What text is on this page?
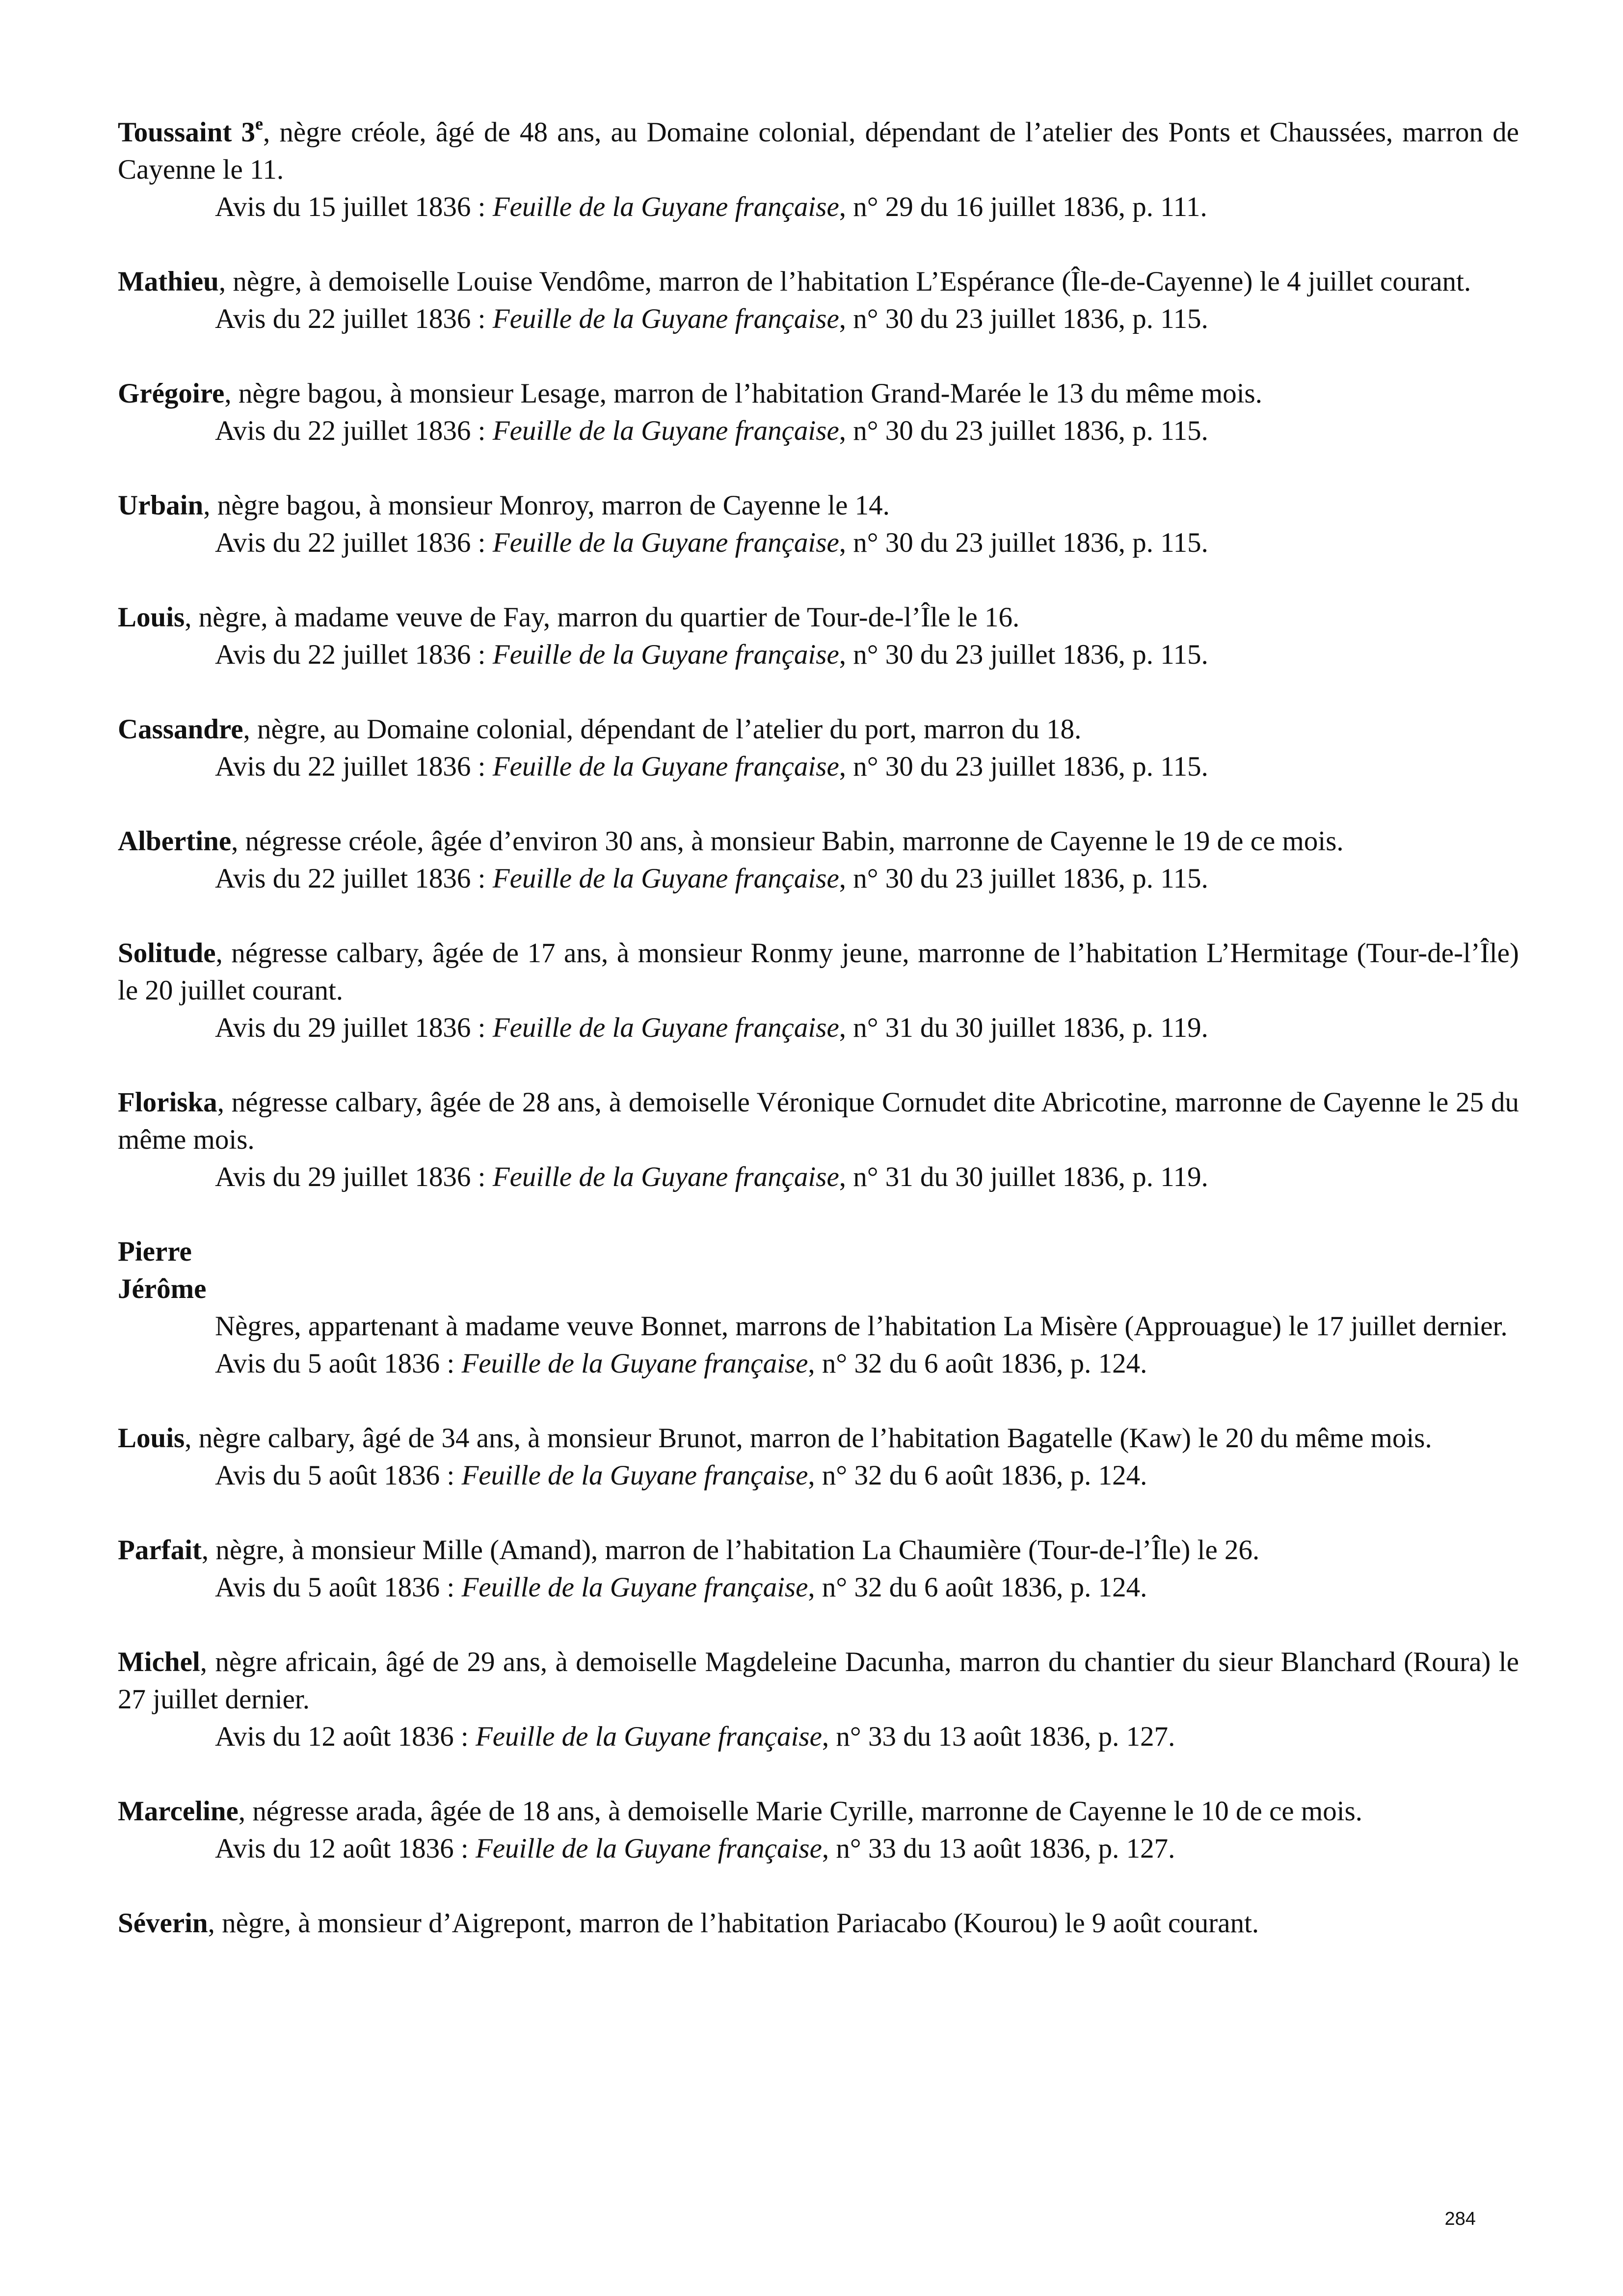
Toussaint 3e, nègre créole, âgé de 48 ans, au Domaine colonial, dépendant de l’atelier des Ponts et Chaussées, marron de Cayenne le 11.

Avis du 15 juillet 1836 : Feuille de la Guyane française, n° 29 du 16 juillet 1836, p. 111.

Mathieu, nègre, à demoiselle Louise Vendôme, marron de l’habitation L’Espérance (Île-de-Cayenne) le 4 juillet courant.

Avis du 22 juillet 1836 : Feuille de la Guyane française, n° 30 du 23 juillet 1836, p. 115.

Grégoire, nègre bagou, à monsieur Lesage, marron de l’habitation Grand-Marée le 13 du même mois.

Avis du 22 juillet 1836 : Feuille de la Guyane française, n° 30 du 23 juillet 1836, p. 115.

Urbain, nègre bagou, à monsieur Monroy, marron de Cayenne le 14.

Avis du 22 juillet 1836 : Feuille de la Guyane française, n° 30 du 23 juillet 1836, p. 115.

Louis, nègre, à madame veuve de Fay, marron du quartier de Tour-de-l’Île le 16.

Avis du 22 juillet 1836 : Feuille de la Guyane française, n° 30 du 23 juillet 1836, p. 115.

Cassandre, nègre, au Domaine colonial, dépendant de l’atelier du port, marron du 18.

Avis du 22 juillet 1836 : Feuille de la Guyane française, n° 30 du 23 juillet 1836, p. 115.

Albertine, négresse créole, âgée d’environ 30 ans, à monsieur Babin, marronne de Cayenne le 19 de ce mois.

Avis du 22 juillet 1836 : Feuille de la Guyane française, n° 30 du 23 juillet 1836, p. 115.

Solitude, négresse calbary, âgée de 17 ans, à monsieur Ronmy jeune, marronne de l’habitation L’Hermitage (Tour-de-l’Île) le 20 juillet courant.

Avis du 29 juillet 1836 : Feuille de la Guyane française, n° 31 du 30 juillet 1836, p. 119.

Floriska, négresse calbary, âgée de 28 ans, à demoiselle Véronique Cornudet dite Abricotine, marronne de Cayenne le 25 du même mois.

Avis du 29 juillet 1836 : Feuille de la Guyane française, n° 31 du 30 juillet 1836, p. 119.

Pierre

Jérôme

Nègres, appartenant à madame veuve Bonnet, marrons de l’habitation La Misère (Approuague) le 17 juillet dernier.

Avis du 5 août 1836 : Feuille de la Guyane française, n° 32 du 6 août 1836, p. 124.

Louis, nègre calbary, âgé de 34 ans, à monsieur Brunot, marron de l’habitation Bagatelle (Kaw) le 20 du même mois.

Avis du 5 août 1836 : Feuille de la Guyane française, n° 32 du 6 août 1836, p. 124.

Parfait, nègre, à monsieur Mille (Amand), marron de l’habitation La Chaumière (Tour-de-l’Île) le 26.

Avis du 5 août 1836 : Feuille de la Guyane française, n° 32 du 6 août 1836, p. 124.

Michel, nègre africain, âgé de 29 ans, à demoiselle Magdeleine Dacunha, marron du chantier du sieur Blanchard (Roura) le 27 juillet dernier.

Avis du 12 août 1836 : Feuille de la Guyane française, n° 33 du 13 août 1836, p. 127.

Marceline, négresse arada, âgée de 18 ans, à demoiselle Marie Cyrille, marronne de Cayenne le 10 de ce mois.

Avis du 12 août 1836 : Feuille de la Guyane française, n° 33 du 13 août 1836, p. 127.

Séverin, nègre, à monsieur d’Aigrepont, marron de l’habitation Pariacabo (Kourou) le 9 août courant.

284
